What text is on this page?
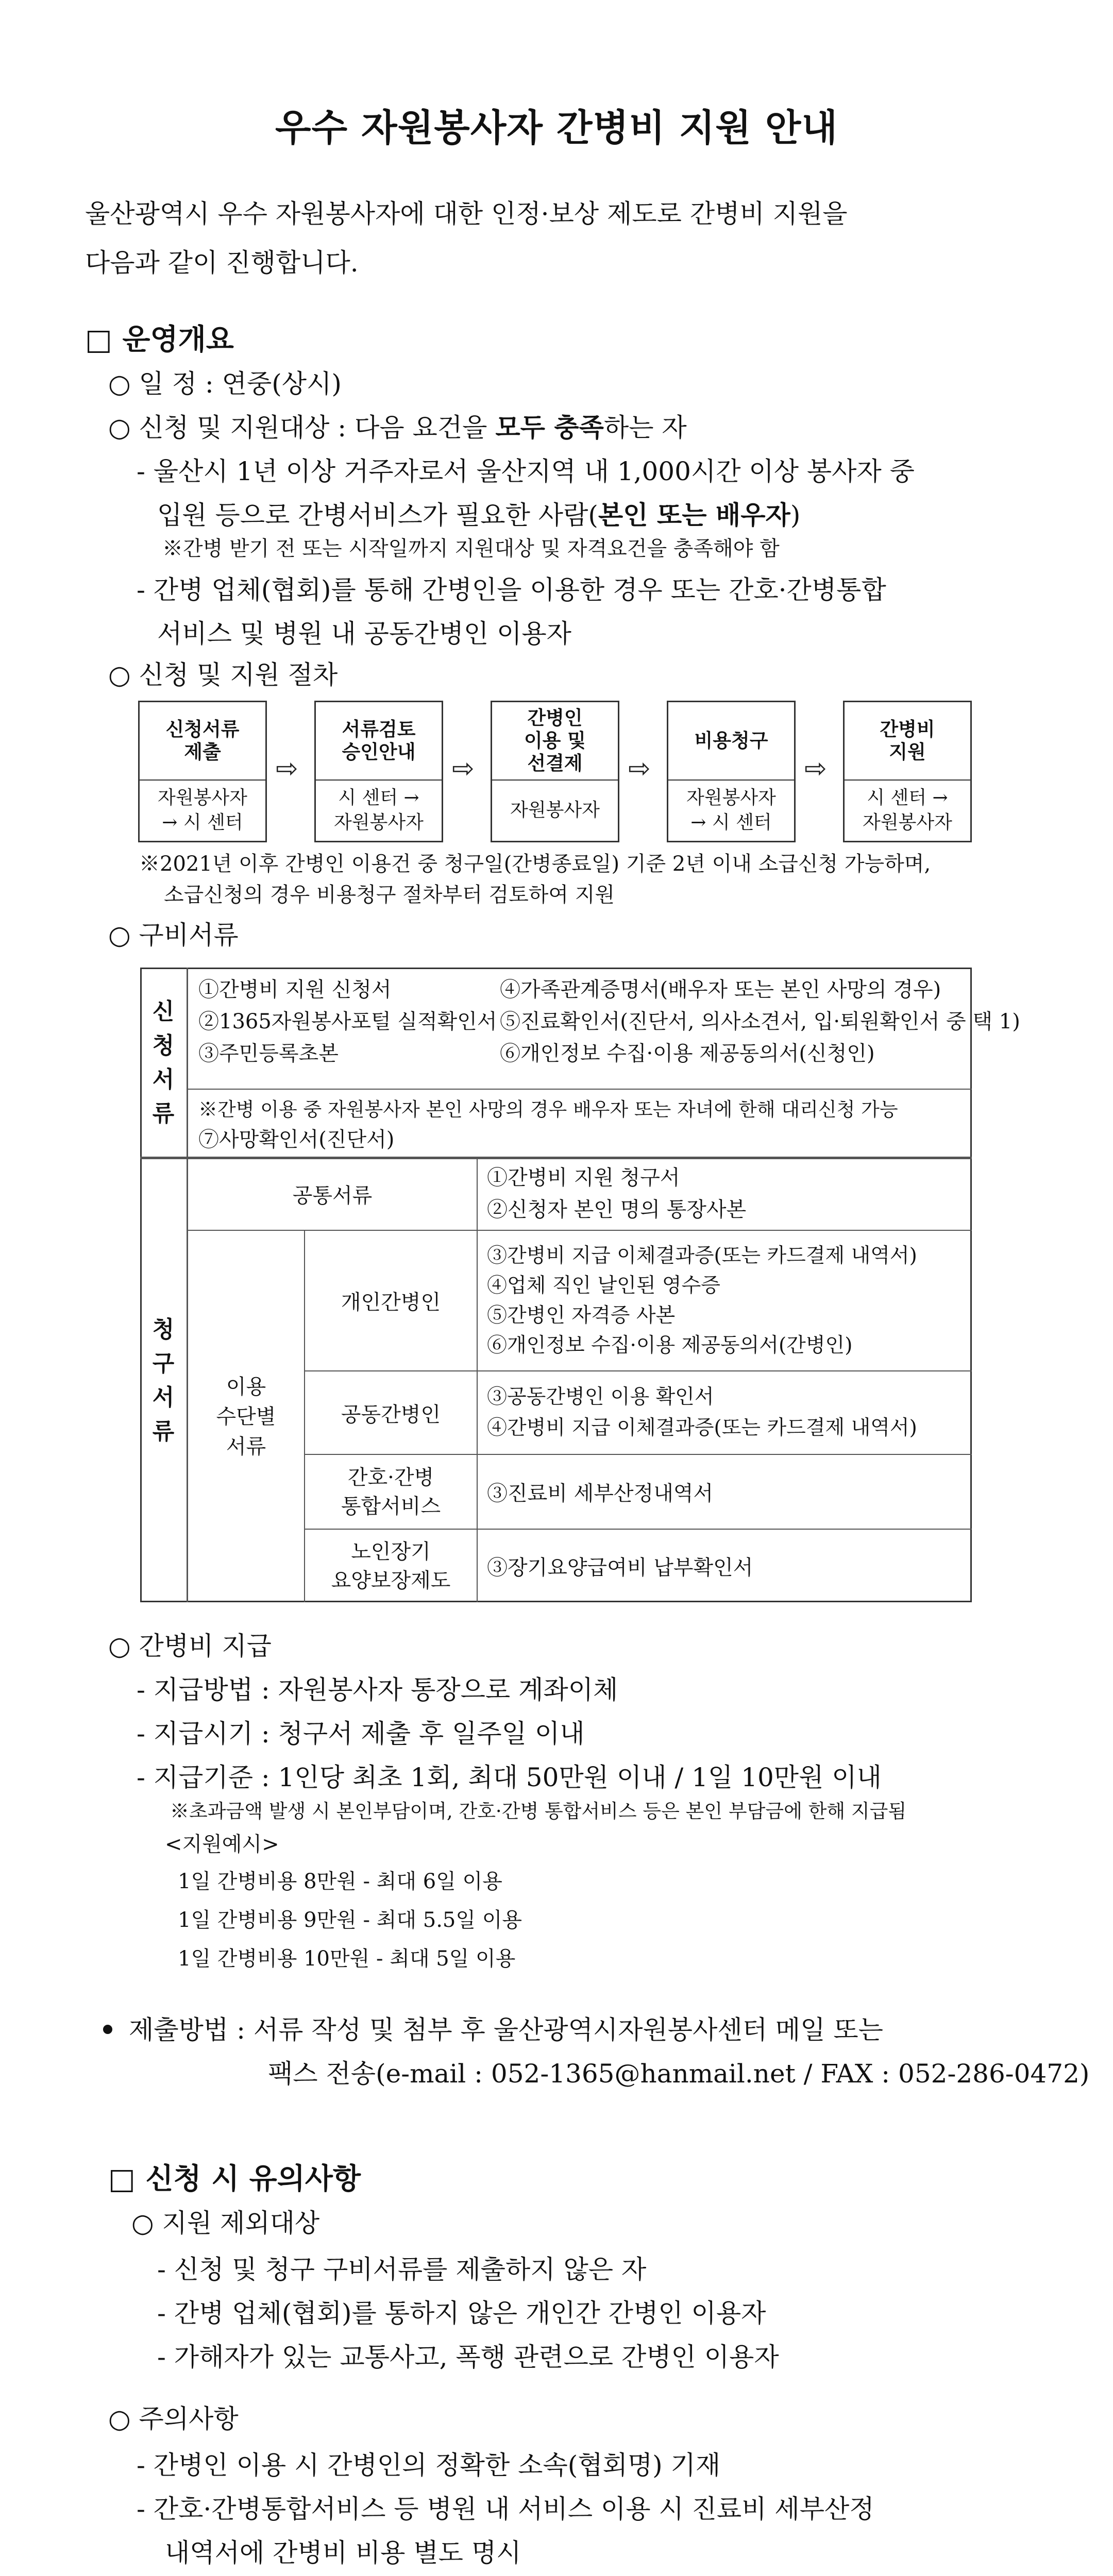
우수 자원봉사자 간병비 지원 안내
울산광역시 우수 자원봉사자에 대한 인정·보상 제도로 간병비 지원을
다음과 같이 진행합니다.
□ 운영개요
○ 일 정 : 연중(상시)
○ 신청 및 지원대상 : 다음 요건을 모두 충족하는 자
- 울산시 1년 이상 거주자로서 울산지역 내 1,000시간 이상 봉사자 중
입원 등으로 간병서비스가 필요한 사람(본인 또는 배우자)
※간병 받기 전 또는 시작일까지 지원대상 및 자격요건을 충족해야 함
- 간병 업체(협회)를 통해 간병인을 이용한 경우 또는 간호·간병통합
서비스 및 병원 내 공동간병인 이용자
○ 신청 및 지원 절차
신청서류
제출
자원봉사자
→ 시 센터
⇨
서류검토
승인안내
시 센터 →
자원봉사자
⇨
간병인
이용 및
선결제
자원봉사자
⇨
비용청구
자원봉사자
→ 시 센터
⇨
간병비
지원
시 센터 →
자원봉사자
※2021년 이후 간병인 이용건 중 청구일(간병종료일) 기준 2년 이내 소급신청 가능하며,
소급신청의 경우 비용청구 절차부터 검토하여 지원
○ 구비서류
신
청
서
류
①간병비 지원 신청서
②1365자원봉사포털 실적확인서
③주민등록초본
④가족관계증명서(배우자 또는 본인 사망의 경우)
⑤진료확인서(진단서, 의사소견서, 입·퇴원확인서 중 택 1)
⑥개인정보 수집·이용 제공동의서(신청인)
※간병 이용 중 자원봉사자 본인 사망의 경우 배우자 또는 자녀에 한해 대리신청 가능
⑦사망확인서(진단서)
청
구
서
류
공통서류
①간병비 지원 청구서
②신청자 본인 명의 통장사본
이용
수단별
서류
개인간병인
③간병비 지급 이체결과증(또는 카드결제 내역서)
④업체 직인 날인된 영수증
⑤간병인 자격증 사본
⑥개인정보 수집·이용 제공동의서(간병인)
공동간병인
③공동간병인 이용 확인서
④간병비 지급 이체결과증(또는 카드결제 내역서)
간호·간병
통합서비스
③진료비 세부산정내역서
노인장기
요양보장제도
③장기요양급여비 납부확인서
○ 간병비 지급
- 지급방법 : 자원봉사자 통장으로 계좌이체
- 지급시기 : 청구서 제출 후 일주일 이내
- 지급기준 : 1인당 최초 1회, 최대 50만원 이내 / 1일 10만원 이내
※초과금액 발생 시 본인부담이며, 간호·간병 통합서비스 등은 본인 부담금에 한해 지급됨
<지원예시>
1일 간병비용 8만원 - 최대 6일 이용
1일 간병비용 9만원 - 최대 5.5일 이용
1일 간병비용 10만원 - 최대 5일 이용
제출방법 : 서류 작성 및 첨부 후 울산광역시자원봉사센터 메일 또는
팩스 전송(e-mail : 052-1365@hanmail.net / FAX : 052-286-0472)
□ 신청 시 유의사항
○ 지원 제외대상
- 신청 및 청구 구비서류를 제출하지 않은 자
- 간병 업체(협회)를 통하지 않은 개인간 간병인 이용자
- 가해자가 있는 교통사고, 폭행 관련으로 간병인 이용자
○ 주의사항
- 간병인 이용 시 간병인의 정확한 소속(협회명) 기재
- 간호·간병통합서비스 등 병원 내 서비스 이용 시 진료비 세부산정
내역서에 간병비 비용 별도 명시
